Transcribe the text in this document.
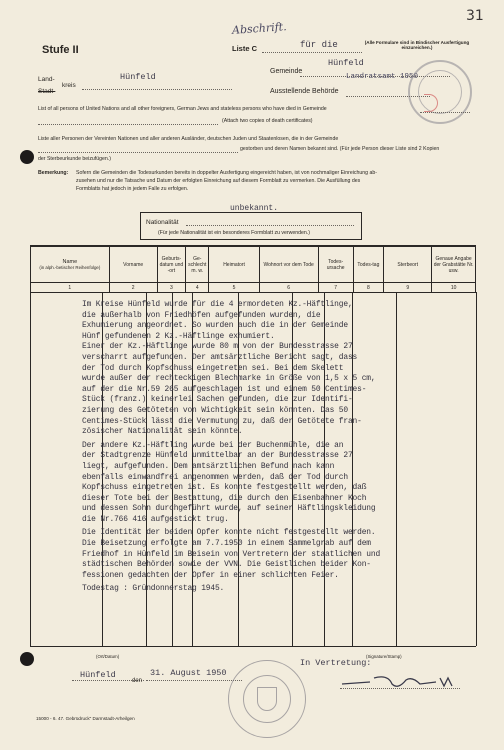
31
Abschrift.
Stufe II	Liste C	für die	(Alle Formulare sind in Bindischer Ausfertigung einzureichen.)
Gemeinde
Hünfeld
Land-
kreis
Stadt-
Hünfeld	Landratsamt 1950
Ausstellende Behörde
List of all persons of United Nations and all other foreigners, German Jews and stateless persons who have died in Gemeinde
(Attach two copies of death certificates)
Liste aller Personen der Vereinten Nationen und aller anderen Ausländer, deutschen Juden und Staatenlosen, die in der Gemeinde
gestorben und deren Namen bekannt sind. (Für jede Person dieser Liste sind 2 Kopien
der Sterbeurkunde beizufügen.)
Bemerkung: Sofern die Gemeinden die Todesurkunden bereits in doppelter Ausfertigung eingereicht haben, ist von nochmaliger Einreichung ab-
zusehen und nur die Tatsache und Datum der erfolgten Einreichung auf diesem Formblatt zu vermerken. Die Ausfüllung des
Formblatts hat jedoch in jedem Falle zu erfolgen.
unbekannt.
Nationalität
(Für jede Nationalität ist ein besonderes Formblatt zu verwenden.)
Name
(in alph.-betischer Reihenfolge)	Vorname	Geburts-datum und -ort	Ge-schlecht m. w.	Heimatort	Wohnort vor dem Tode	Todes-ursache	Todes-tag	Sterbeort	Genaue Angabe der Grabstätte Nr. usw.
1	2	3	4	5	6	7	8	9	10

Im Kreise Hünfeld wurde für die 4 ermordeten Kz.-Häftlinge,
die außerhalb von Friedhöfen aufgefunden wurden, die
Exhumierung angeordnet. So wurden auch die in der Gemeinde
Hünf gefundenen 2 Kz.-Häftlinge exhumiert.
Einer der Kz.-Häftlinge wurde 80 m von der Bundesstrasse 27
verscharrt aufgefunden. Der amtsärztliche Bericht sagt, dass
der Tod durch Kopfschuss eingetreten sei. Bei dem Skelett
wurde außer der rechteckigen Blechmarke in Größe von 1,5 x 5 cm,
auf der die Nr.59 265 aufgeschlagen ist und einem 50 Centimes-
Stück (franz.) keinerlei Sachen gefunden, die zur Identifi-
zierung des Getöteten von Wichtigkeit sein könnten. Das 50
Centimes-Stück lässt die Vermutung zu, daß der Getötete fran-
zösischer Nationalität sein könnte.

Der andere Kz.-Häftling wurde bei der Buchenmühle, die an
der Stadtgrenze Hünfeld unmittelbar an der Bundesstrasse 27
liegt, aufgefunden. Dem amtsärztlichen Befund nach kann
ebenfalls einwandfrei angenommen werden, daß der Tod durch
Kopfschuss eingetreten ist. Es konnte festgestellt werden, daß
dieser Tote bei der Bestattung, die durch den Eisenbahner Koch
und dessen Sohn durchgeführt wurde, auf seiner Häftlingskleidung
die Nr.766 416 aufgestickt trug.

Die Identität der beiden Opfer konnte nicht festgestellt werden.
Die Beisetzung erfolgte am 7.7.1950 in einem Sammelgrab auf dem
Friedhof in Hünfeld im Beisein von Vertretern der staatlichen und
städtischen Behörden sowie der VVN. Die Geistlichen beider Kon-
fessionen gedachten der Opfer in einer schlichten Feier.

Todestag : Gründonnerstag 1945.

(Signature/Stamp)
In Vertretung:
Hünfeld
(Ort/Datum)
den
31. August 1950
15000 - 6. 47. Gebrüdruck" Darmstadt-Arheilgen
